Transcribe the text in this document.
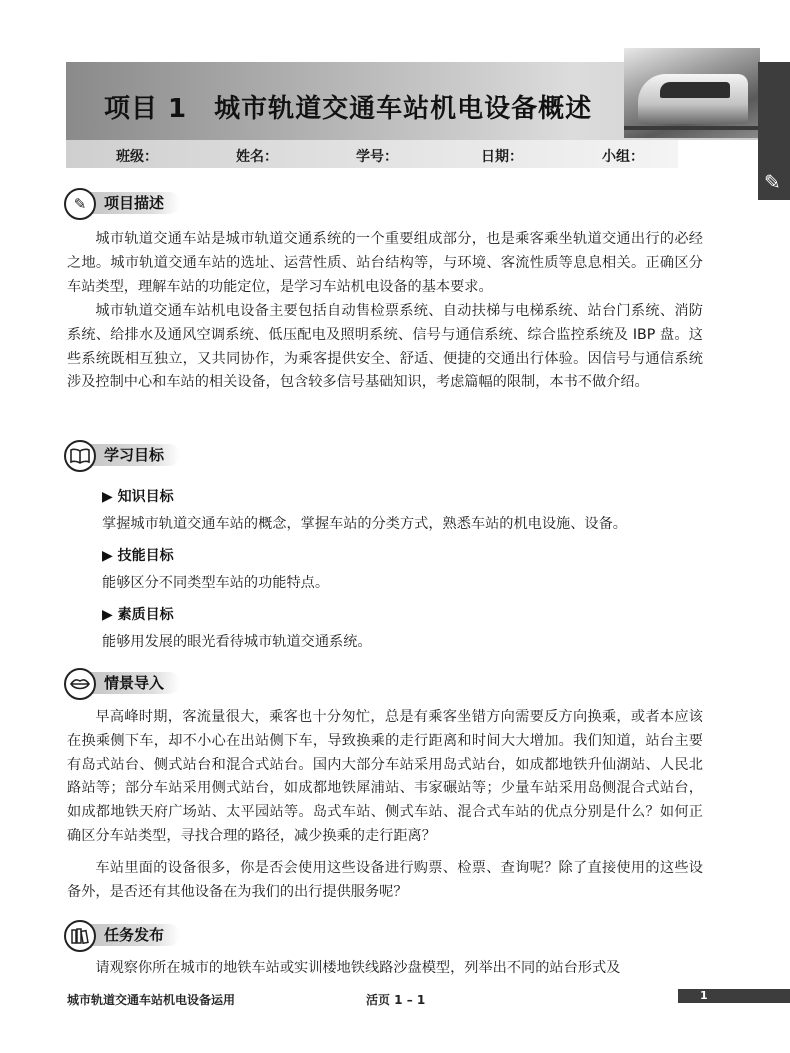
项目 1　城市轨道交通车站机电设备概述
✎
班级：	姓名：	学号：	日期：	小组：
项目描述
✎

城市轨道交通车站是城市轨道交通系统的一个重要组成部分，也是乘客乘坐轨道交通出行的必经之地。城市轨道交通车站的选址、运营性质、站台结构等，与环境、客流性质等息息相关。正确区分车站类型，理解车站的功能定位，是学习车站机电设备的基本要求。

城市轨道交通车站机电设备主要包括自动售检票系统、自动扶梯与电梯系统、站台门系统、消防系统、给排水及通风空调系统、低压配电及照明系统、信号与通信系统、综合监控系统及 IBP 盘。这些系统既相互独立，又共同协作，为乘客提供安全、舒适、便捷的交通出行体验。因信号与通信系统涉及控制中心和车站的相关设备，包含较多信号基础知识，考虑篇幅的限制，本书不做介绍。

学习目标
▶ 知识目标
掌握城市轨道交通车站的概念，掌握车站的分类方式，熟悉车站的机电设施、设备。
▶ 技能目标
能够区分不同类型车站的功能特点。
▶ 素质目标
能够用发展的眼光看待城市轨道交通系统。
情景导入

早高峰时期，客流量很大，乘客也十分匆忙，总是有乘客坐错方向需要反方向换乘，或者本应该在换乘侧下车，却不小心在出站侧下车，导致换乘的走行距离和时间大大增加。我们知道，站台主要有岛式站台、侧式站台和混合式站台。国内大部分车站采用岛式站台，如成都地铁升仙湖站、人民北路站等；部分车站采用侧式站台，如成都地铁犀浦站、韦家碾站等；少量车站采用岛侧混合式站台，如成都地铁天府广场站、太平园站等。岛式车站、侧式车站、混合式车站的优点分别是什么？如何正确区分车站类型，寻找合理的路径，减少换乘的走行距离？

车站里面的设备很多，你是否会使用这些设备进行购票、检票、查询呢？除了直接使用的这些设备外，是否还有其他设备在为我们的出行提供服务呢？

任务发布

请观察你所在城市的地铁车站或实训楼地铁线路沙盘模型，列举出不同的站台形式及

城市轨道交通车站机电设备运用	活页 1 – 1	1
